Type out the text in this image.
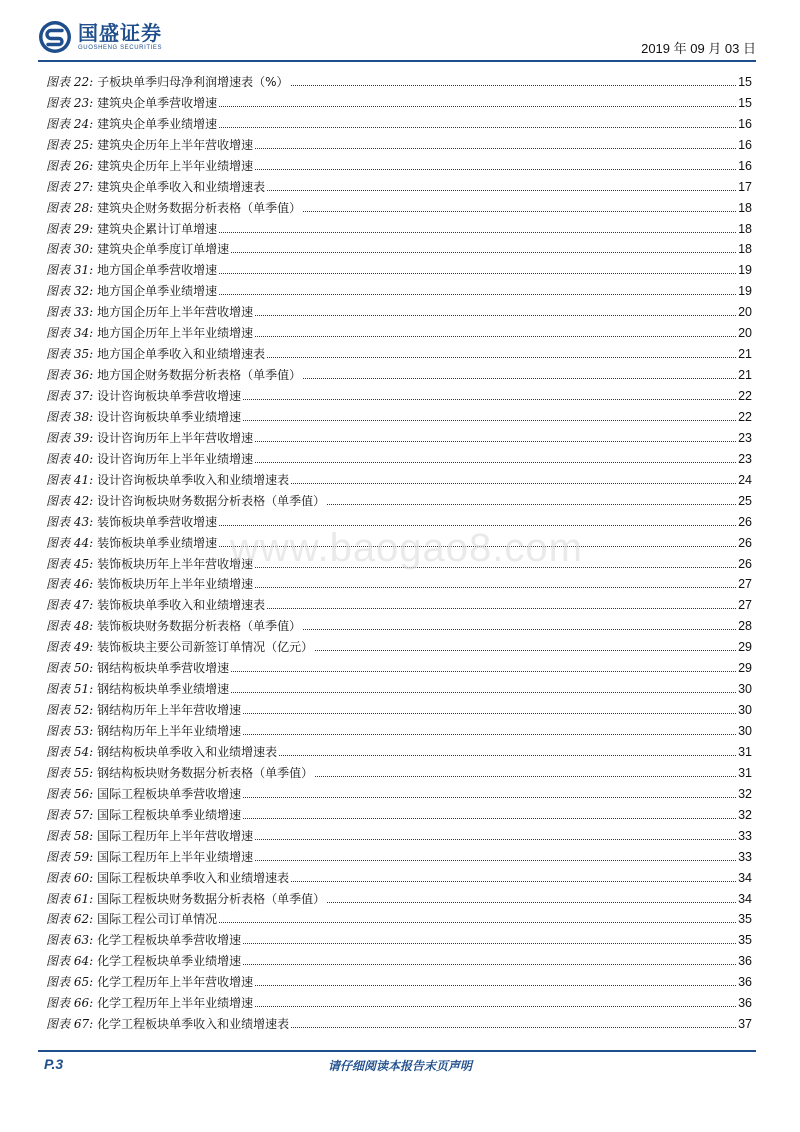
国盛证券
GUOSHENG SECURITIES	2019 年 09 月 03 日
图表 22: 子板块单季归母净利润增速表（%）	15
图表 23: 建筑央企单季营收增速	15
图表 24: 建筑央企单季业绩增速	16
图表 25: 建筑央企历年上半年营收增速	16
图表 26: 建筑央企历年上半年业绩增速	16
图表 27: 建筑央企单季收入和业绩增速表	17
图表 28: 建筑央企财务数据分析表格（单季值）	18
图表 29: 建筑央企累计订单增速	18
图表 30: 建筑央企单季度订单增速	18
图表 31: 地方国企单季营收增速	19
图表 32: 地方国企单季业绩增速	19
图表 33: 地方国企历年上半年营收增速	20
图表 34: 地方国企历年上半年业绩增速	20
图表 35: 地方国企单季收入和业绩增速表	21
图表 36: 地方国企财务数据分析表格（单季值）	21
图表 37: 设计咨询板块单季营收增速	22
图表 38: 设计咨询板块单季业绩增速	22
图表 39: 设计咨询历年上半年营收增速	23
图表 40: 设计咨询历年上半年业绩增速	23
图表 41: 设计咨询板块单季收入和业绩增速表	24
图表 42: 设计咨询板块财务数据分析表格（单季值）	25
图表 43: 装饰板块单季营收增速	26
图表 44: 装饰板块单季业绩增速	26
图表 45: 装饰板块历年上半年营收增速	26
图表 46: 装饰板块历年上半年业绩增速	27
图表 47: 装饰板块单季收入和业绩增速表	27
图表 48: 装饰板块财务数据分析表格（单季值）	28
图表 49: 装饰板块主要公司新签订单情况（亿元）	29
图表 50: 钢结构板块单季营收增速	29
图表 51: 钢结构板块单季业绩增速	30
图表 52: 钢结构历年上半年营收增速	30
图表 53: 钢结构历年上半年业绩增速	30
图表 54: 钢结构板块单季收入和业绩增速表	31
图表 55: 钢结构板块财务数据分析表格（单季值）	31
图表 56: 国际工程板块单季营收增速	32
图表 57: 国际工程板块单季业绩增速	32
图表 58: 国际工程历年上半年营收增速	33
图表 59: 国际工程历年上半年业绩增速	33
图表 60: 国际工程板块单季收入和业绩增速表	34
图表 61: 国际工程板块财务数据分析表格（单季值）	34
图表 62: 国际工程公司订单情况	35
图表 63: 化学工程板块单季营收增速	35
图表 64: 化学工程板块单季业绩增速	36
图表 65: 化学工程历年上半年营收增速	36
图表 66: 化学工程历年上半年业绩增速	36
图表 67: 化学工程板块单季收入和业绩增速表	37
www.baogao8.com
P.3	请仔细阅读本报告末页声明
